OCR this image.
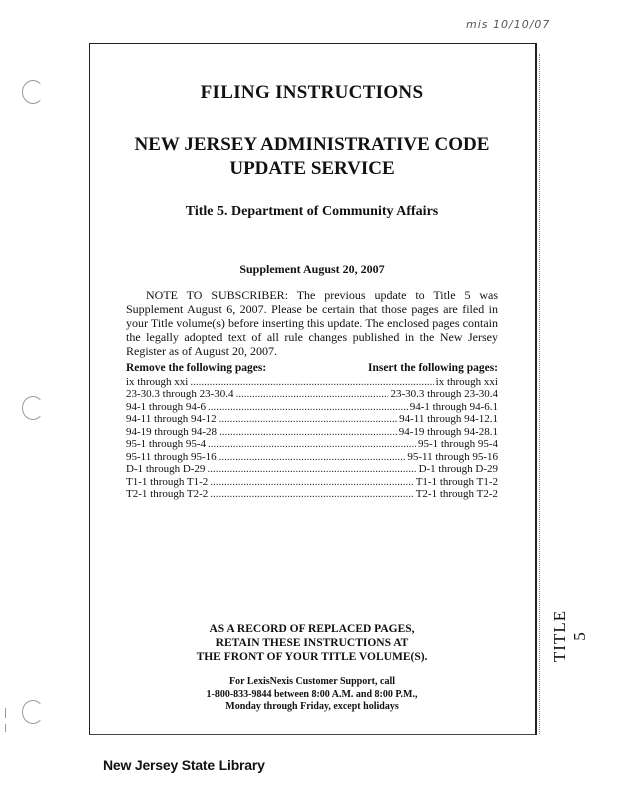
mis 10/10/07
TITLE 5
FILING INSTRUCTIONS
NEW JERSEY ADMINISTRATIVE CODE
UPDATE SERVICE
Title 5. Department of Community Affairs
Supplement August 20, 2007

NOTE TO SUBSCRIBER: The previous update to Title 5 was Supplement August 6, 2007. Please be certain that those pages are filed in your Title volume(s) before inserting this update. The enclosed pages contain the legally adopted text of all rule changes published in the New Jersey Register as of August 20, 2007.

Remove the following pages:	Insert the following pages:
ix through xxi .....	ix through xxi
23-30.3 through 23-30.4 .....	23-30.3 through 23-30.4
94-1 through 94-6 .....	94-1 through 94-6.1
94-11 through 94-12 .....	94-11 through 94-12.1
94-19 through 94-28 .....	94-19 through 94-28.1
95-1 through 95-4 .....	95-1 through 95-4
95-11 through 95-16 .....	95-11 through 95-16
D-1 through D-29 .....	D-1 through D-29
T1-1 through T1-2 .....	T1-1 through T1-2
T2-1 through T2-2 .....	T2-1 through T2-2
AS A RECORD OF REPLACED PAGES,
RETAIN THESE INSTRUCTIONS AT
THE FRONT OF YOUR TITLE VOLUME(S).
For LexisNexis Customer Support, call
1-800-833-9844 between 8:00 A.M. and 8:00 P.M.,
Monday through Friday, except holidays
New Jersey State Library
